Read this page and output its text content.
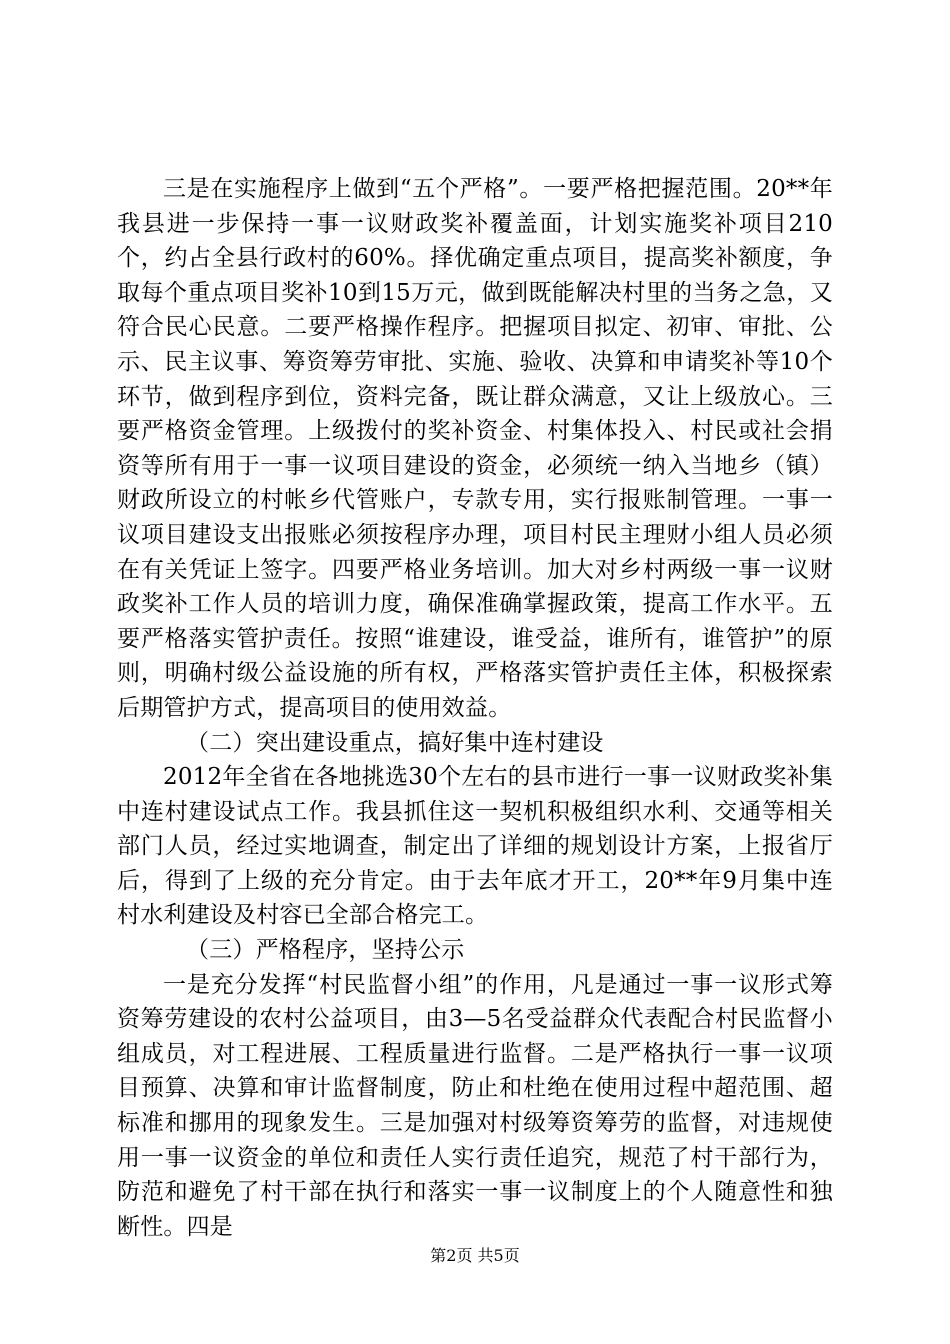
三是在实施程序上做到“五个严格”。一要严格把握范围。20**年我县进一步保持一事一议财政奖补覆盖面，计划实施奖补项目210个，约占全县行政村的60%。择优确定重点项目，提高奖补额度，争取每个重点项目奖补10到15万元，做到既能解决村里的当务之急，又符合民心民意。二要严格操作程序。把握项目拟定、初审、审批、公示、民主议事、筹资筹劳审批、实施、验收、决算和申请奖补等10个环节，做到程序到位，资料完备，既让群众满意，又让上级放心。三要严格资金管理。上级拨付的奖补资金、村集体投入、村民或社会捐资等所有用于一事一议项目建设的资金，必须统一纳入当地乡（镇）财政所设立的村帐乡代管账户，专款专用，实行报账制管理。一事一议项目建设支出报账必须按程序办理，项目村民主理财小组人员必须在有关凭证上签字。四要严格业务培训。加大对乡村两级一事一议财政奖补工作人员的培训力度，确保准确掌握政策，提高工作水平。五要严格落实管护责任。按照“谁建设，谁受益，谁所有，谁管护”的原则，明确村级公益设施的所有权，严格落实管护责任主体，积极探索后期管护方式，提高项目的使用效益。

（二）突出建设重点，搞好集中连村建设

2012年全省在各地挑选30个左右的县市进行一事一议财政奖补集中连村建设试点工作。我县抓住这一契机积极组织水利、交通等相关部门人员，经过实地调查，制定出了详细的规划设计方案，上报省厅后，得到了上级的充分肯定。由于去年底才开工，20**年9月集中连村水利建设及村容已全部合格完工。

（三）严格程序，坚持公示

一是充分发挥“村民监督小组”的作用，凡是通过一事一议形式筹资筹劳建设的农村公益项目，由3—5名受益群众代表配合村民监督小组成员，对工程进展、工程质量进行监督。二是严格执行一事一议项目预算、决算和审计监督制度，防止和杜绝在使用过程中超范围、超标准和挪用的现象发生。三是加强对村级筹资筹劳的监督，对违规使用一事一议资金的单位和责任人实行责任追究，规范了村干部行为，防范和避免了村干部在执行和落实一事一议制度上的个人随意性和独断性。四是

第2页 共5页
